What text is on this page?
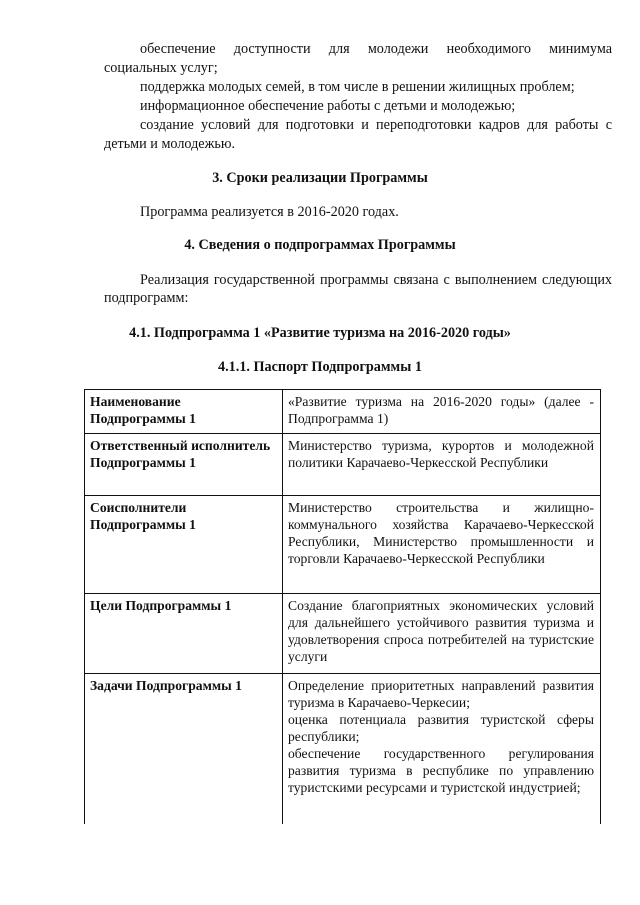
обеспечение доступности для молодежи необходимого минимума социальных услуг;

поддержка молодых семей, в том числе в решении жилищных проблем;

информационное обеспечение работы с детьми и молодежью;

создание условий для подготовки и переподготовки кадров для работы с детьми и молодежью.

3. Сроки реализации Программы

Программа реализуется в 2016-2020 годах.

4. Сведения о подпрограммах Программы

Реализация государственной программы связана с выполнением следующих подпрограмм:

4.1. Подпрограмма 1 «Развитие туризма на 2016-2020 годы»
4.1.1. Паспорт Подпрограммы 1
Наименование Подпрограммы 1	«Развитие туризма на 2016-2020 годы» (далее - Подпрограмма 1)
Ответственный исполнитель Подпрограммы 1	Министерство туризма, курортов и молодежной политики Карачаево-Черкесской Республики
Соисполнители Подпрограммы 1	Министерство строительства и жилищно-коммунального хозяйства Карачаево-Черкесской Республики, Министерство промышленности и торговли Карачаево-Черкесской Республики
Цели Подпрограммы 1	Создание благоприятных экономических условий для дальнейшего устойчивого развития туризма и удовлетворения спроса потребителей на туристские услуги
Задачи Подпрограммы 1	Определение приоритетных направлений развития туризма в Карачаево-Черкесии;
оценка потенциала развития туристской сферы республики;
обеспечение государственного регулирования развития туризма в республике по управлению туристскими ресурсами и туристской индустрией;
